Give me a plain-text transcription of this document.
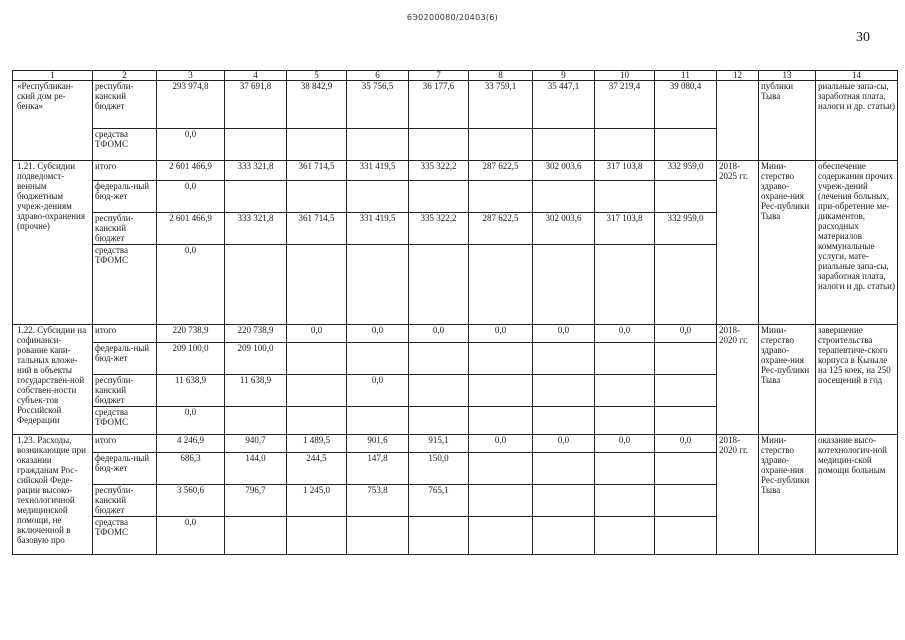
6Э0200080/20403(6)
30
1	2	3	4	5	6	7	8	9	10	11	12	13	14
«Республикан-ский дом ре-бенка»	республи-канский бюджет	293 974,8	37 691,8	38 842,9	35 756,5	36 177,6	33 759,1	35 447,1	37 219,4	39 080,4		публики Тыва	риальные запа-сы, заработная плата, налоги и др. статьи)
	средства ТФОМС	0,0											
1.21. Субсидии подведомст-венным бюджетным учреж-дениям здраво-охранения (прочие)	итого	2 601 466,9	333 321,8	361 714,5	331 419,5	335 322,2	287 622,5	302 003,6	317 103,8	332 959,0	2018-2025 гг.	Мини-стерство здраво-охране-ния Рес-публики Тыва	обеспечение содержания прочих учреж-дений (лечения больных, при-обретение ме-дикаментов, расходных материалов коммунальные услуги, мате-риальные запа-сы, заработная плата, налоги и др. статьи)
	федераль-ный бюд-жет	0,0											
	республи-канский бюджет	2 601 466,9	333 321,8	361 714,5	331 419,5	335 322,2	287 622,5	302 003,6	317 103,8	332 959,0			
	средства ТФОМС	0,0											
1.22. Субсидии на софинанси-рование капи-тальных вложе-ний в объекты государствен-ной собствен-ности субъек-тов Российской Федерации	итого	220 738,9	220 738,9	0,0	0,0	0,0	0,0	0,0	0,0	0,0	2018-2020 гг.	Мини-стерство здраво-охране-ния Рес-публики Тыва	завершение строительства терапевтиче-ского корпуса в Кызыле на 125 коек, на 250 посещений в год
	федераль-ный бюд-жет	209 100,0	209 100,0										
	республи-канский бюджет	11 638,9	11 638,9		0,0								
	средства ТФОМС	0,0											
1.23. Расходы, возникающие при оказании гражданам Рос-сийской Феде-рации высоко-технологичной медицинской помощи, не включенной в базовую про	итого	4 246,9	940,7	1 489,5	901,6	915,1	0,0	0,0	0,0	0,0	2018-2020 гг.	Мини-стерство здраво-охране-ния Рес-публики Тыва	оказание высо-котехнологич-ной медицин-ской помощи больным
	федераль-ный бюд-жет	686,3	144,0	244,5	147,8	150,0							
	республи-канский бюджет	3 560,6	796,7	1 245,0	753,8	765,1							
	средства ТФОМС	0,0											
